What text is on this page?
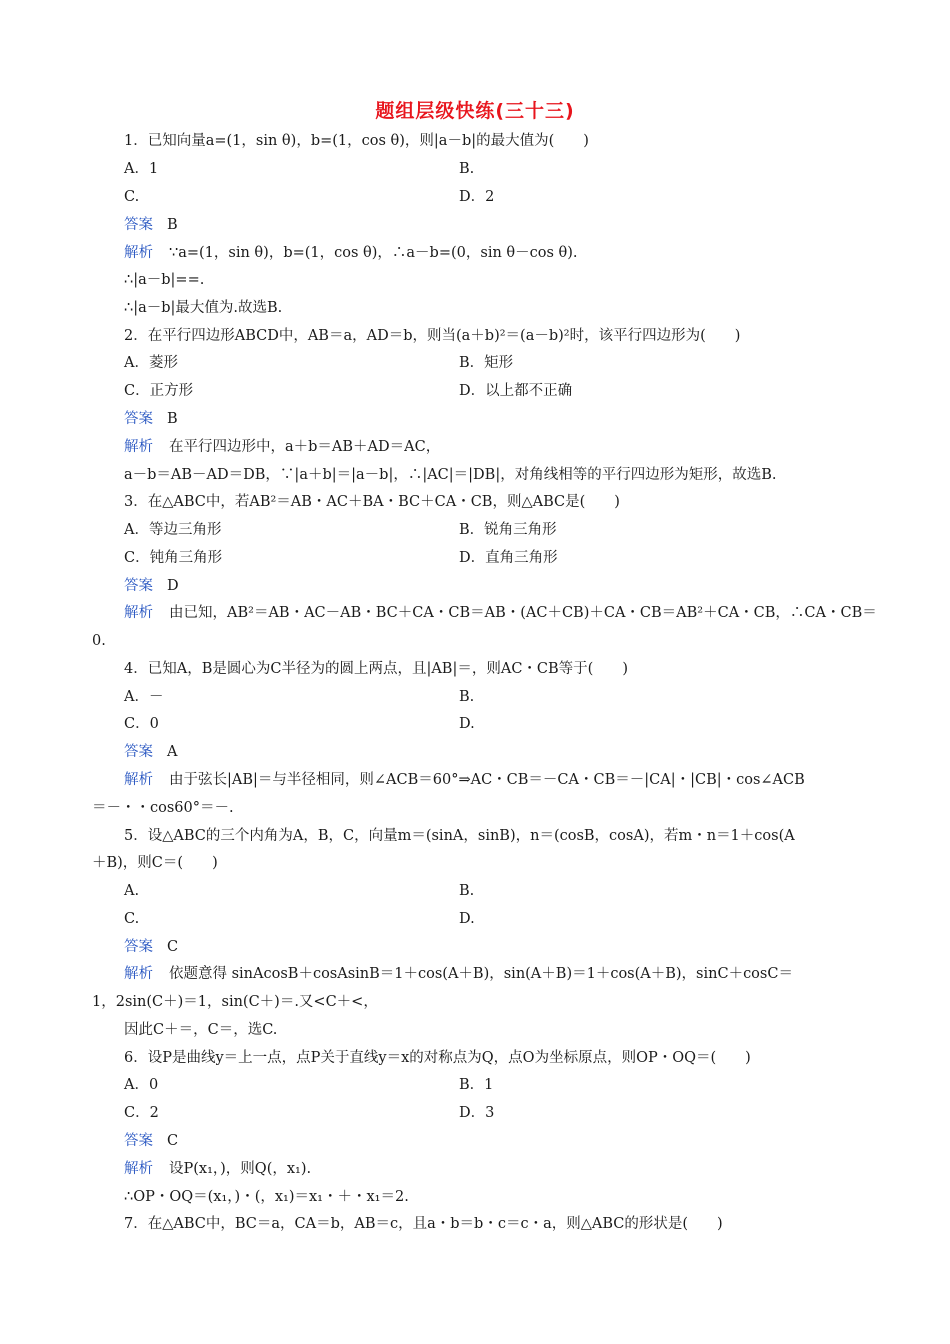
题组层级快练(三十三)
1．已知向量a=(1，sin θ)，b=(1，cos θ)，则|a－b|的最大值为(　　)
A．1	B.
C.	D．2
答案 B
解析 ∵a=(1，sin θ)，b=(1，cos θ)，∴a－b=(0，sin θ－cos θ).
∴|a－b|==.
∴|a－b|最大值为.故选B.
2．在平行四边形ABCD中，AB＝a，AD＝b，则当(a＋b)²＝(a－b)²时，该平行四边形为(　　)
A．菱形	B．矩形
C．正方形	D．以上都不正确
答案 B
解析 在平行四边形中，a＋b＝AB＋AD＝AC，
a－b＝AB－AD＝DB，∵|a＋b|＝|a－b|，∴|AC|＝|DB|，对角线相等的平行四边形为矩形，故选B.
3．在△ABC中，若AB²＝AB・AC＋BA・BC＋CA・CB，则△ABC是(　　)
A．等边三角形	B．锐角三角形
C．钝角三角形	D．直角三角形
答案 D
解析 由已知，AB²＝AB・AC－AB・BC＋CA・CB＝AB・(AC＋CB)＋CA・CB＝AB²＋CA・CB，∴CA・CB＝
0.
4．已知A，B是圆心为C半径为的圆上两点，且|AB|＝，则AC・CB等于(　　)
A．－	B.
C．0	D.
答案 A
解析 由于弦长|AB|＝与半径相同，则∠ACB＝60°⇒AC・CB＝－CA・CB＝－|CA|・|CB|・cos∠ACB
＝－・・cos60°＝－.
5．设△ABC的三个内角为A，B，C，向量m＝(sinA，sinB)，n＝(cosB，cosA)，若m・n＝1＋cos(A
＋B)，则C＝(　　)
A.	B.
C.	D.
答案 C
解析 依题意得 sinAcosB＋cosAsinB＝1＋cos(A＋B)，sin(A＋B)＝1＋cos(A＋B)，sinC＋cosC＝
1，2sin(C＋)＝1，sin(C＋)＝.又<C＋<，
因此C＋＝，C＝，选C.
6．设P是曲线y＝上一点，点P关于直线y＝x的对称点为Q，点O为坐标原点，则OP・OQ＝(　　)
A．0	B．1
C．2	D．3
答案 C
解析 设P(x₁，)，则Q(，x₁).
∴OP・OQ＝(x₁，)・(，x₁)＝x₁・＋・x₁＝2.
7．在△ABC中，BC＝a，CA＝b，AB＝c，且a・b＝b・c＝c・a，则△ABC的形状是(　　)
